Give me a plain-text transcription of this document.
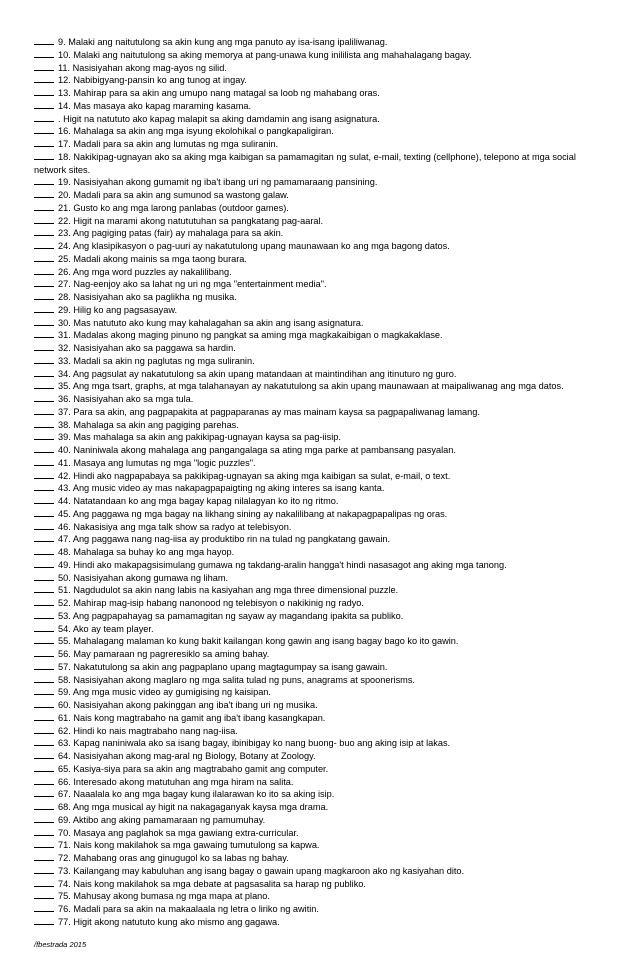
9. Malaki ang naitutulong sa akin kung ang mga panuto ay isa-isang ipaliliwanag.
10. Malaki ang naitutulong sa aking memorya at pang-unawa kung inililista ang mahahalagang bagay.
11. Nasisiyahan akong mag-ayos ng silid.
12. Nabibigyang-pansin ko ang tunog at ingay.
13. Mahirap para sa akin ang umupo nang matagal sa loob ng mahabang oras.
14. Mas masaya ako kapag maraming kasama.
. Higit na natututo ako kapag malapit sa aking damdamin ang isang asignatura.
16. Mahalaga sa akin ang mga isyung ekolohikal o pangkapaligiran.
17. Madali para sa akin ang lumutas ng mga suliranin.
18. Nakikipag-ugnayan ako sa aking mga kaibigan sa pamamagitan ng sulat, e-mail, texting (cellphone), telepono at mga social network sites.
19. Nasisiyahan akong gumamit ng iba't ibang uri ng pamamaraang pansining.
20. Madali para sa akin ang sumunod sa wastong galaw.
21. Gusto ko ang mga larong panlabas (outdoor games).
22. Higit na marami akong natututuhan sa pangkatang pag-aaral.
23. Ang pagiging patas (fair) ay mahalaga para sa akin.
24. Ang klasipikasyon o pag-uuri ay nakatutulong upang maunawaan ko ang mga bagong datos.
25. Madali akong mainis sa mga taong burara.
26. Ang mga word puzzles ay nakalilibang.
27. Nag-eenjoy ako sa lahat ng uri ng mga "entertainment media".
28. Nasisiyahan ako sa paglikha ng musika.
29. Hilig ko ang pagsasayaw.
30. Mas natututo ako kung may kahalagahan sa akin ang isang asignatura.
31. Madalas akong maging pinuno ng pangkat sa aming mga magkakaibigan o magkakaklase.
32. Nasisiyahan ako sa paggawa sa hardin.
33. Madali sa akin ng paglutas ng mga suliranin.
34. Ang pagsulat ay nakatutulong sa akin upang matandaan at maintindihan ang itinuturo ng guro.
35. Ang mga tsart, graphs, at mga talahanayan ay nakatutulong sa akin upang maunawaan at maipaliwanag ang mga datos.
36. Nasisiyahan ako sa mga tula.
37. Para sa akin, ang pagpapakita at pagpaparanas ay mas mainam kaysa sa pagpapaliwanag lamang.
38. Mahalaga sa akin ang pagiging parehas.
39. Mas mahalaga sa akin ang pakikipag-ugnayan kaysa sa pag-iisip.
40. Naniniwala akong mahalaga ang pangangalaga sa ating mga parke at pambansang pasyalan.
41. Masaya ang lumutas ng mga "logic puzzles".
42. Hindi ako nagpapabaya sa pakikipag-ugnayan sa aking mga kaibigan sa sulat, e-mail, o text.
43. Ang music video ay mas nakapagpapaigting ng aking interes sa isang kanta.
44. Natatandaan ko ang mga bagay kapag nilalagyan ko ito ng ritmo.
45. Ang paggawa ng mga bagay na likhang sining ay nakalilibang at nakapagpapalipas ng oras.
46. Nakasisiya ang mga talk show sa radyo at telebisyon.
47. Ang paggawa nang nag-iisa ay produktibo rin na tulad ng pangkatang gawain.
48. Mahalaga sa buhay ko ang mga hayop.
49. Hindi ako makapagsisimulang gumawa ng takdang-aralin hangga't hindi nasasagot ang aking mga tanong.
50. Nasisiyahan akong gumawa ng liham.
51. Nagdudulot sa akin nang labis na kasiyahan ang mga three dimensional puzzle.
52. Mahirap mag-isip habang nanonood ng telebisyon o nakikinig ng radyo.
53. Ang pagpapahayag sa pamamagitan ng sayaw ay magandang ipakita sa publiko.
54. Ako ay team player.
55. Mahalagang malaman ko kung bakit kailangan kong gawin ang isang bagay bago ko ito gawin.
56. May pamaraan ng pagreresiklo sa aming bahay.
57. Nakatutulong sa akin ang pagpaplano upang magtagumpay sa isang gawain.
58. Nasisiyahan akong maglaro ng mga salita tulad ng puns, anagrams at spoonerisms.
59. Ang mga music video ay gumigising ng kaisipan.
60. Nasisiyahan akong pakinggan ang iba't ibang uri ng musika.
61. Nais kong magtrabaho na gamit ang iba't ibang kasangkapan.
62. Hindi ko nais magtrabaho nang nag-iisa.
63. Kapag naniniwala ako sa isang bagay, ibinibigay ko nang buong- buo ang aking isip at lakas.
64. Nasisiyahan akong mag-aral ng Biology, Botany at Zoology.
65. Kasiya-siya para sa akin ang magtrabaho gamit ang computer.
66. Interesado akong matutuhan ang mga hiram na salita.
67. Naaalala ko ang mga bagay kung ilalarawan ko ito sa aking isip.
68. Ang mga musical ay higit na nakagaganyak kaysa mga drama.
69. Aktibo ang aking pamamaraan ng pamumuhay.
70. Masaya ang paglahok sa mga gawiang extra-curricular.
71. Nais kong makilahok sa mga gawaing tumutulong sa kapwa.
72. Mahabang oras ang ginugugol ko sa labas ng bahay.
73. Kailangang may kabuluhan ang isang bagay o gawain upang magkaroon ako ng kasiyahan dito.
74. Nais kong makilahok sa mga debate at pagsasalita sa harap ng publiko.
75. Mahusay akong bumasa ng mga mapa at plano.
76. Madali para sa akin na makaalaala ng letra o liriko ng awitin.
77. Higit akong natututo kung ako mismo ang gagawa.
/fbestrada 2015
